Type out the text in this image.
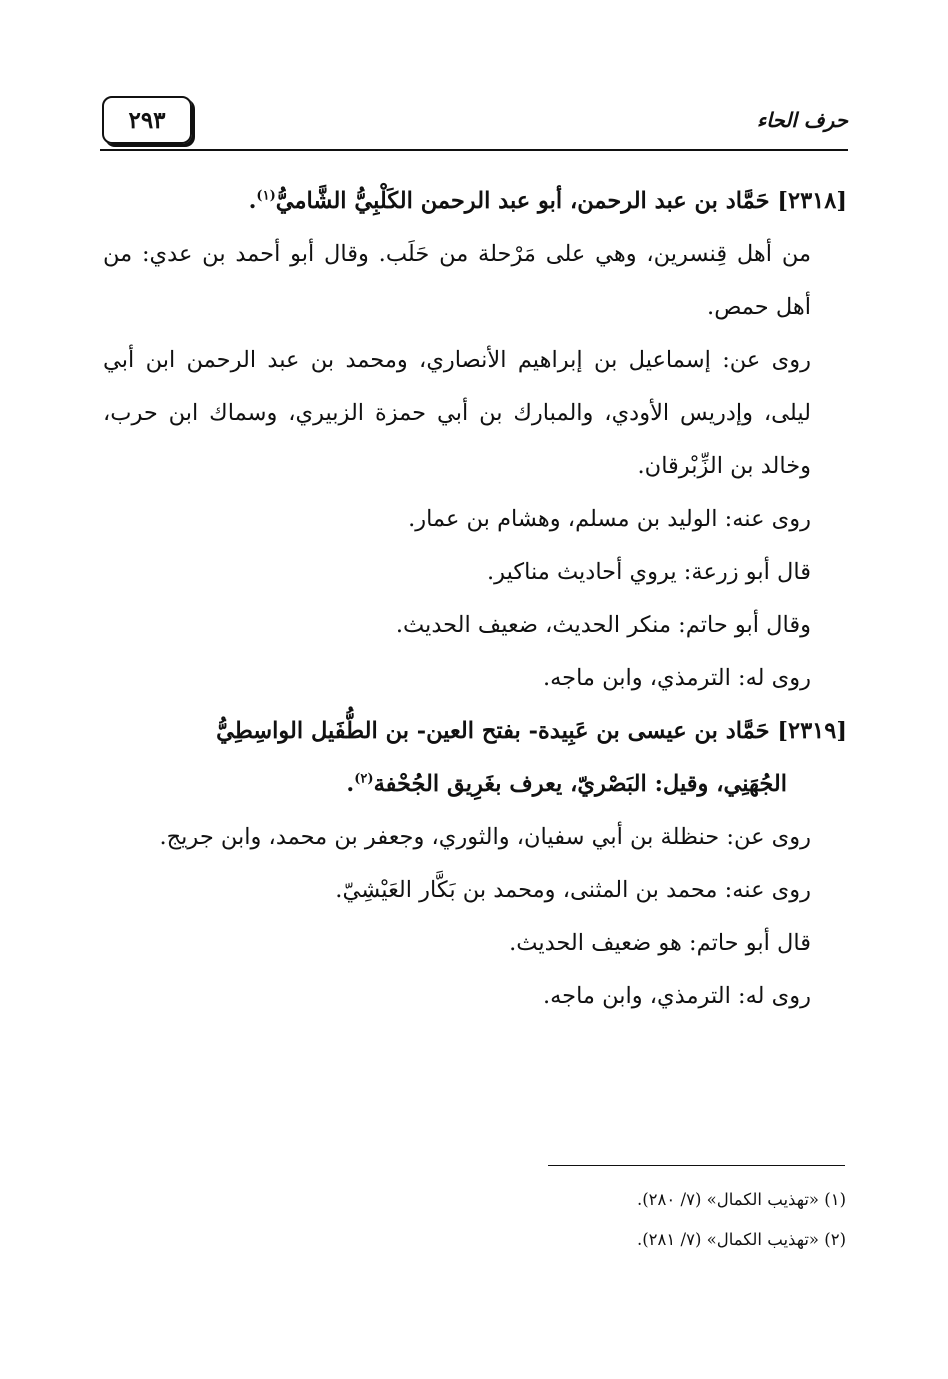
٢٩٣	حرف الحاء
[٢٣١٨] حَمَّاد بن عبد الرحمن، أبو عبد الرحمن الكَلْبِيُّ الشَّاميُّ$^{(١)}$.

من أهل قِنسرين، وهي على مَرْحلة من حَلَب. وقال أبو أحمد بن عدي: من أهل حمص.

روى عن: إسماعيل بن إبراهيم الأنصاري، ومحمد بن عبد الرحمن ابن أبي ليلى، وإدريس الأودي، والمبارك بن أبي حمزة الزبيري، وسماك ابن حرب، وخالد بن الزِّبْرقان.

روى عنه: الوليد بن مسلم، وهشام بن عمار.

قال أبو زرعة: يروي أحاديث مناكير.

وقال أبو حاتم: منكر الحديث، ضعيف الحديث.

روى له: الترمذي، وابن ماجه.

[٢٣١٩] حَمَّاد بن عيسى بن عَبِيدة- بفتح العين- بن الطُّفَيل الواسِطِيُّ
الجُهَنِي، وقيل: البَصْريّ، يعرف بغَرِيق الجُحْفة$^{(٢)}$.

روى عن: حنظلة بن أبي سفيان، والثوري، وجعفر بن محمد، وابن جريج.

روى عنه: محمد بن المثنى، ومحمد بن بَكَّار العَيْشِيّ.

قال أبو حاتم: هو ضعيف الحديث.

روى له: الترمذي، وابن ماجه.

(١) «تهذيب الكمال» (٧/ ٢٨٠).
(٢) «تهذيب الكمال» (٧/ ٢٨١).
